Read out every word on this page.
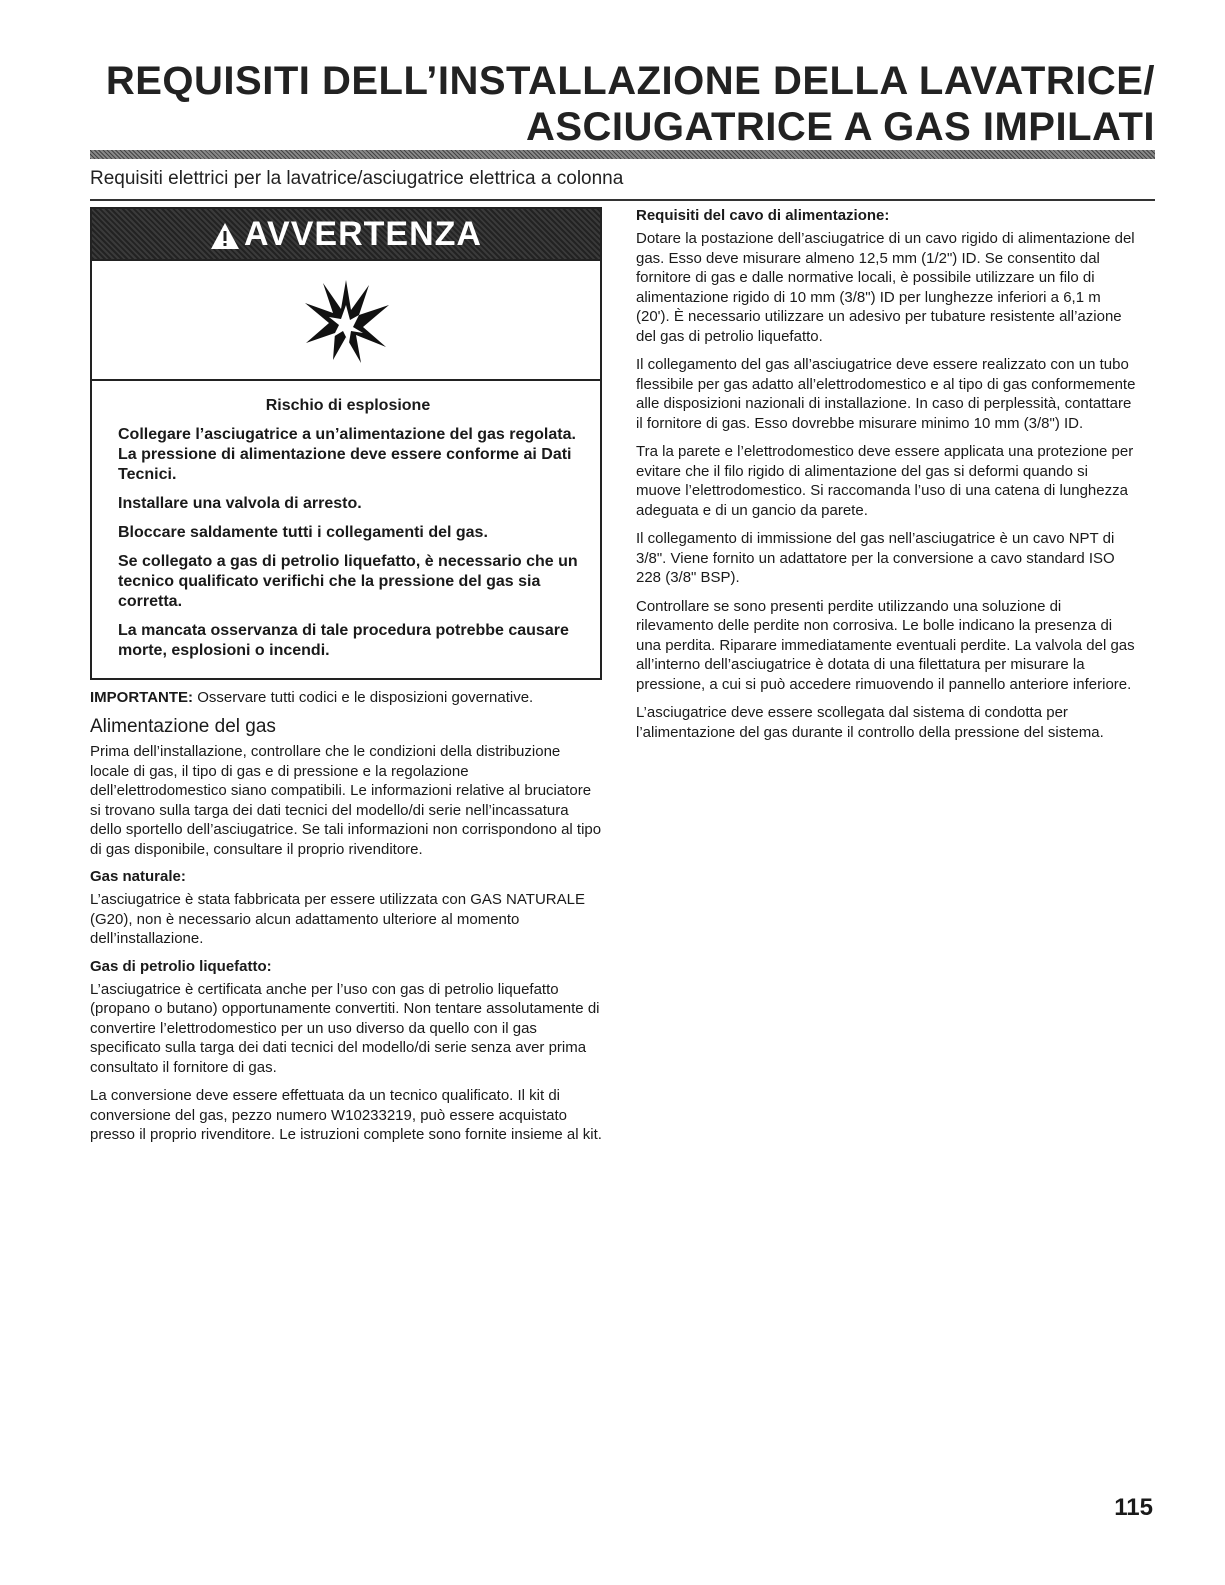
REQUISITI DELL’INSTALLAZIONE DELLA LAVATRICE/
ASCIUGATRICE A GAS IMPILATI
Requisiti elettrici per la lavatrice/asciugatrice elettrica a colonna
AVVERTENZA
Rischio di esplosione

Collegare l’asciugatrice a un’alimentazione del gas regolata. La pressione di alimentazione deve essere conforme ai Dati Tecnici.

Installare una valvola di arresto.

Bloccare saldamente tutti i collegamenti del gas.

Se collegato a gas di petrolio liquefatto, è necessario che un tecnico qualificato verifichi che la pressione del gas sia corretta.

La mancata osservanza di tale procedura potrebbe causare morte, esplosioni o incendi.

IMPORTANTE: Osservare tutti codici e le disposizioni governative.

Alimentazione del gas

Prima dell’installazione, controllare che le condizioni della distribuzione locale di gas, il tipo di gas e di pressione e la regolazione dell’elettrodomestico siano compatibili. Le informazioni relative al bruciatore si trovano sulla targa dei dati tecnici del modello/di serie nell’incassatura dello sportello dell’asciugatrice. Se tali informazioni non corrispondono al tipo di gas disponibile, consultare il proprio rivenditore.

Gas naturale:

L’asciugatrice è stata fabbricata per essere utilizzata con GAS NATURALE (G20), non è necessario alcun adattamento ulteriore al momento dell’installazione.

Gas di petrolio liquefatto:

L’asciugatrice è certificata anche per l’uso con gas di petrolio liquefatto (propano o butano) opportunamente convertiti. Non tentare assolutamente di convertire l’elettrodomestico per un uso diverso da quello con il gas specificato sulla targa dei dati tecnici del modello/di serie senza aver prima consultato il fornitore di gas.

La conversione deve essere effettuata da un tecnico qualificato. Il kit di conversione del gas, pezzo numero W10233219, può essere acquistato presso il proprio rivenditore. Le istruzioni complete sono fornite insieme al kit.

Requisiti del cavo di alimentazione:

Dotare la postazione dell’asciugatrice di un cavo rigido di alimentazione del gas. Esso deve misurare almeno 12,5 mm (1/2") ID. Se consentito dal fornitore di gas e dalle normative locali, è possibile utilizzare un filo di alimentazione rigido di 10 mm (3/8") ID per lunghezze inferiori a 6,1 m (20'). È necessario utilizzare un adesivo per tubature resistente all’azione del gas di petrolio liquefatto.

Il collegamento del gas all’asciugatrice deve essere realizzato con un tubo flessibile per gas adatto all’elettrodomestico e al tipo di gas conformemente alle disposizioni nazionali di installazione. In caso di perplessità, contattare il fornitore di gas. Esso dovrebbe misurare minimo 10 mm (3/8") ID.

Tra la parete e l’elettrodomestico deve essere applicata una protezione per evitare che il filo rigido di alimentazione del gas si deformi quando si muove l’elettrodomestico. Si raccomanda l’uso di una catena di lunghezza adeguata e di un gancio da parete.

Il collegamento di immissione del gas nell’asciugatrice è un cavo NPT di 3/8". Viene fornito un adattatore per la conversione a cavo standard ISO 228 (3/8" BSP).

Controllare se sono presenti perdite utilizzando una soluzione di rilevamento delle perdite non corrosiva. Le bolle indicano la presenza di una perdita. Riparare immediatamente eventuali perdite. La valvola del gas all’interno dell’asciugatrice è dotata di una filettatura per misurare la pressione, a cui si può accedere rimuovendo il pannello anteriore inferiore.

L’asciugatrice deve essere scollegata dal sistema di condotta per l’alimentazione del gas durante il controllo della pressione del sistema.

115
